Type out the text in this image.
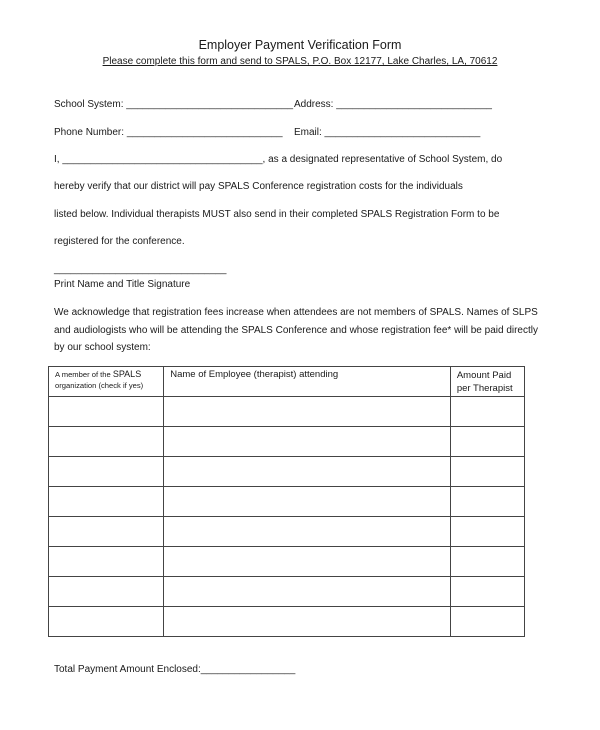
Employer Payment Verification Form
Please complete this form and send to SPALS, P.O. Box 12177, Lake Charles, LA, 70612
School System: ______________________________ Address: ____________________________
Phone Number: ____________________________ Email: ____________________________
I, ____________________________________, as a designated representative of School System, do
hereby verify that our district will pay SPALS Conference registration costs for the individuals
listed below. Individual therapists MUST also send in their completed SPALS Registration Form to be
registered for the conference.
_______________________________
Print Name and Title Signature
We acknowledge that registration fees increase when attendees are not members of SPALS. Names of SLPS
and audiologists who will be attending the SPALS Conference and whose registration fee* will be paid directly
by our school system:
A member of the SPALS
organization (check if yes)	Name of Employee (therapist) attending	Amount Paid
per Therapist

Total Payment Amount Enclosed:_________________
